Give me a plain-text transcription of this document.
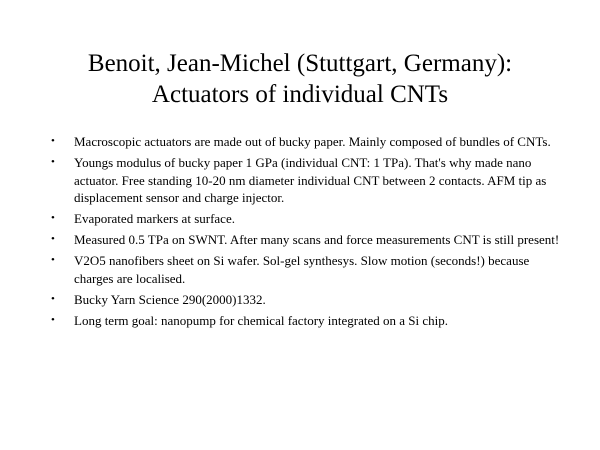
Benoit, Jean-Michel (Stuttgart, Germany):
Actuators of individual CNTs
• Macroscopic actuators are made out of bucky paper. Mainly composed of bundles of CNTs.
• Youngs modulus of bucky paper 1 GPa (individual CNT: 1 TPa). That's why made nano actuator. Free standing 10-20 nm diameter individual CNT between 2 contacts. AFM tip as displacement sensor and charge injector.
• Evaporated markers at surface.
• Measured 0.5 TPa on SWNT. After many scans and force measurements CNT is still present!
• V2O5 nanofibers sheet on Si wafer. Sol-gel synthesys. Slow motion (seconds!) because charges are localised.
• Bucky Yarn Science 290(2000)1332.
• Long term goal: nanopump for chemical factory integrated on a Si chip.
